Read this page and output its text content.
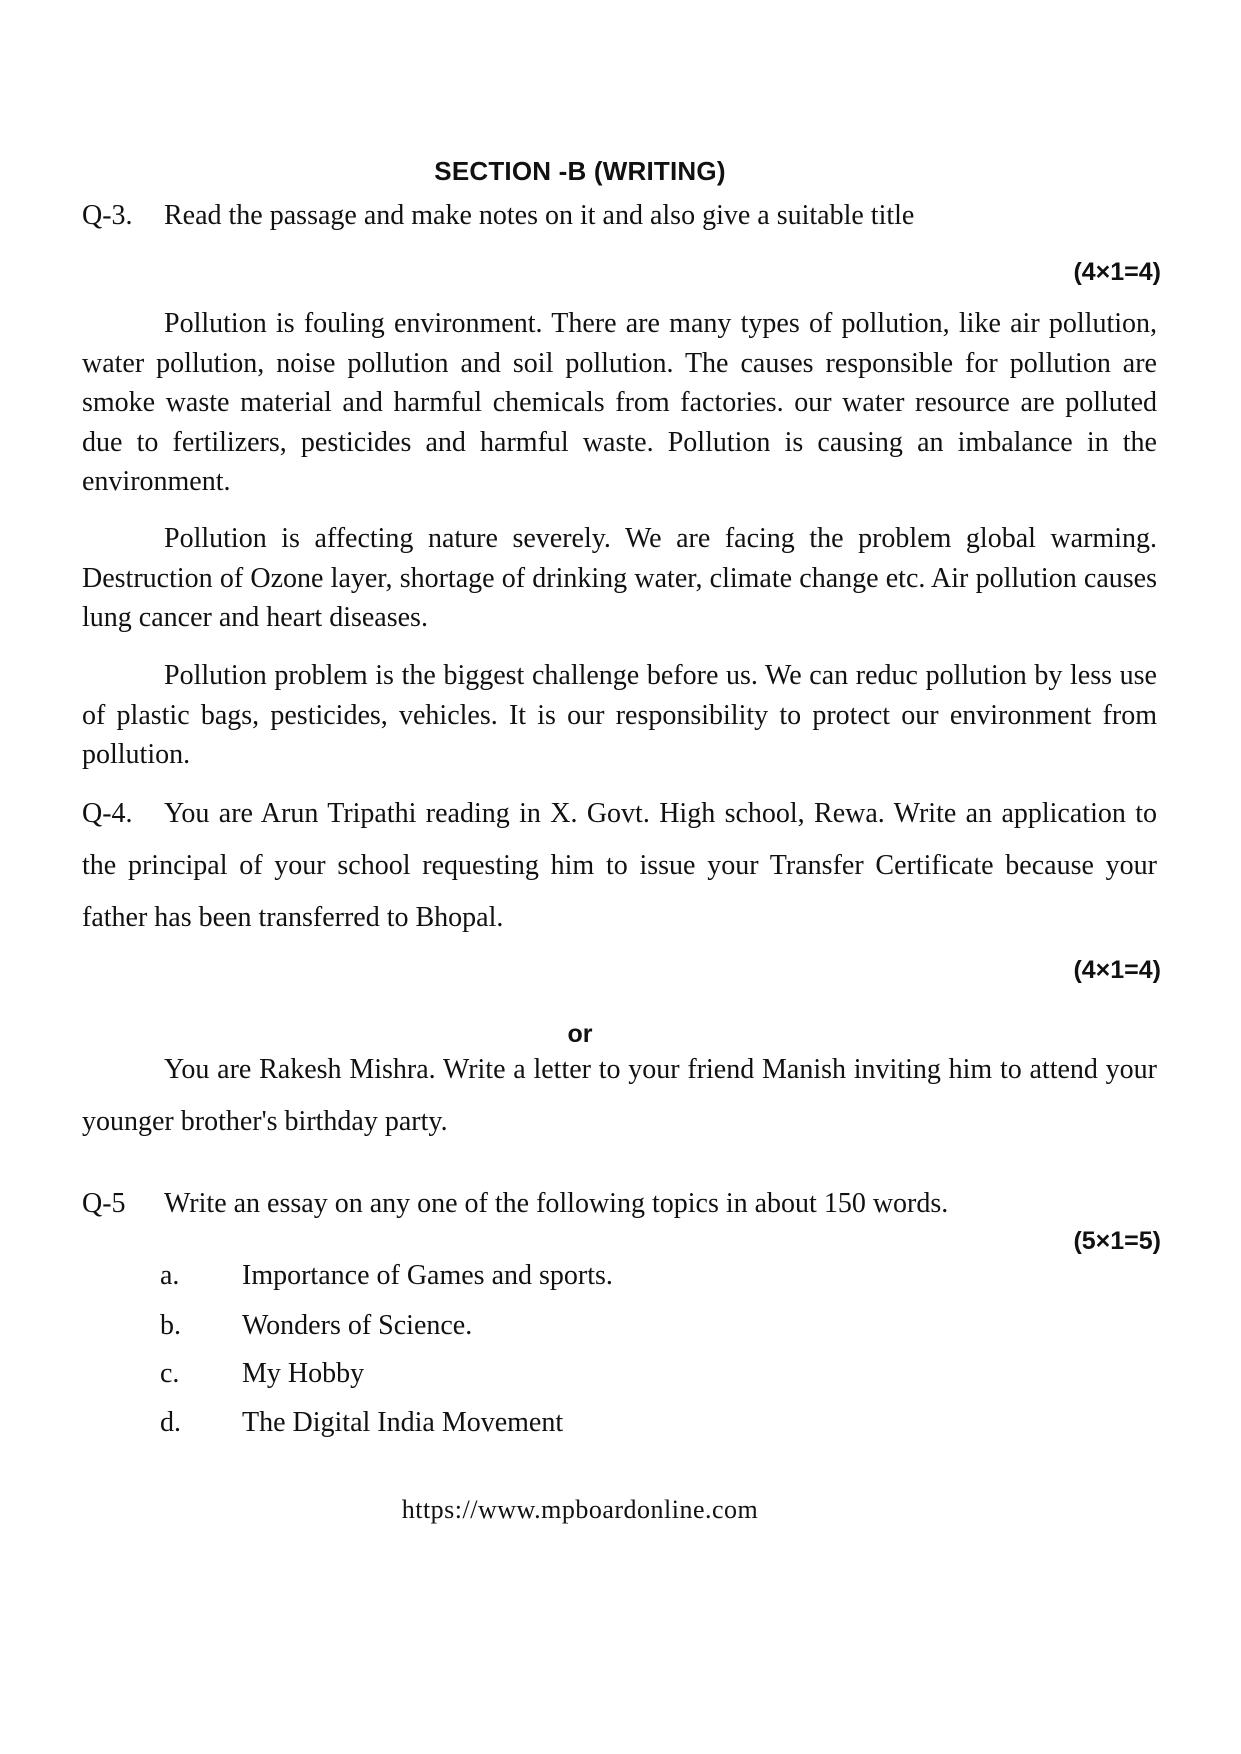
SECTION -B (WRITING)
Q-3. Read the passage and make notes on it and also give a suitable title
(4×1=4)

Pollution is fouling environment. There are many types of pollution, like air pollution, water pollution, noise pollution and soil pollution. The causes responsible for pollution are smoke waste material and harmful chemicals from factories. our water resource are polluted due to fertilizers, pesticides and harmful waste. Pollution is causing an imbalance in the environment.

Pollution is affecting nature severely. We are facing the problem global warming. Destruction of Ozone layer, shortage of drinking water, climate change etc. Air pollution causes lung cancer and heart diseases.

Pollution problem is the biggest challenge before us. We can reduc pollution by less use of plastic bags, pesticides, vehicles. It is our responsibility to protect our environment from pollution.

Q-4. You are Arun Tripathi reading in X. Govt. High school, Rewa. Write an application to the principal of your school requesting him to issue your Transfer Certificate because your father has been transferred to Bhopal.

(4×1=4)
or

You are Rakesh Mishra. Write a letter to your friend Manish inviting him to attend your younger brother's birthday party.

Q-5 Write an essay on any one of the following topics in about 150 words.
(5×1=5)
a. Importance of Games and sports.
b. Wonders of Science.
c. My Hobby
d. The Digital India Movement
https://www.mpboardonline.com
